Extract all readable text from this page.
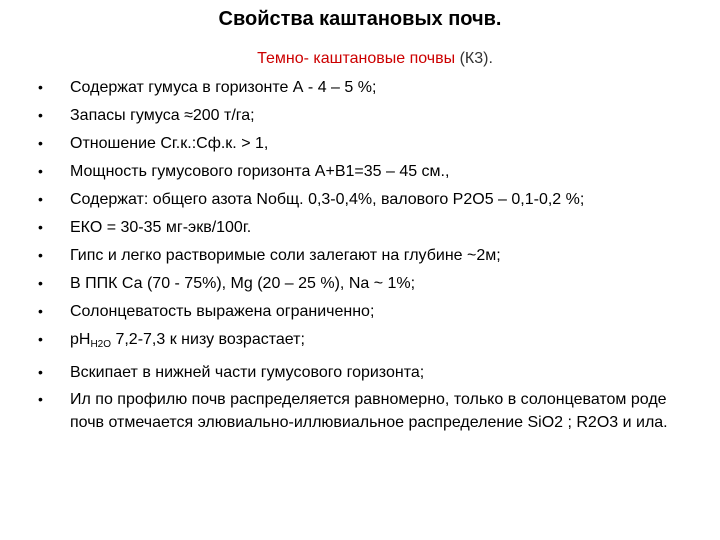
Свойства каштановых почв.
Темно- каштановые почвы (К3).
• Содержат гумуса в горизонте А - 4 – 5 %;
• Запасы гумуса ≈200 т/га;
• Отношение Сг.к.:Сф.к. > 1,
• Мощность гумусового горизонта А+В1=35 – 45 см.,
• Содержат: общего азота Nобщ. 0,3-0,4%, валового Р2О5 – 0,1-0,2 %;
• ЕКО = 30-35 мг-экв/100г.
• Гипс и легко растворимые соли залегают на глубине ~2м;
• В ППК Са (70 - 75%), Мg (20 – 25 %), Na ~ 1%;
• Солонцеватость выражена ограниченно;
• $рН_{Н2О}$ 7,2-7,3 к низу возрастает;
• Вскипает в нижней части гумусового горизонта;
• Ил по профилю почв распределяется равномерно, только в солонцеватом роде почв отмечается элювиально-иллювиальное распределение SiO2 ; R2O3 и ила.
